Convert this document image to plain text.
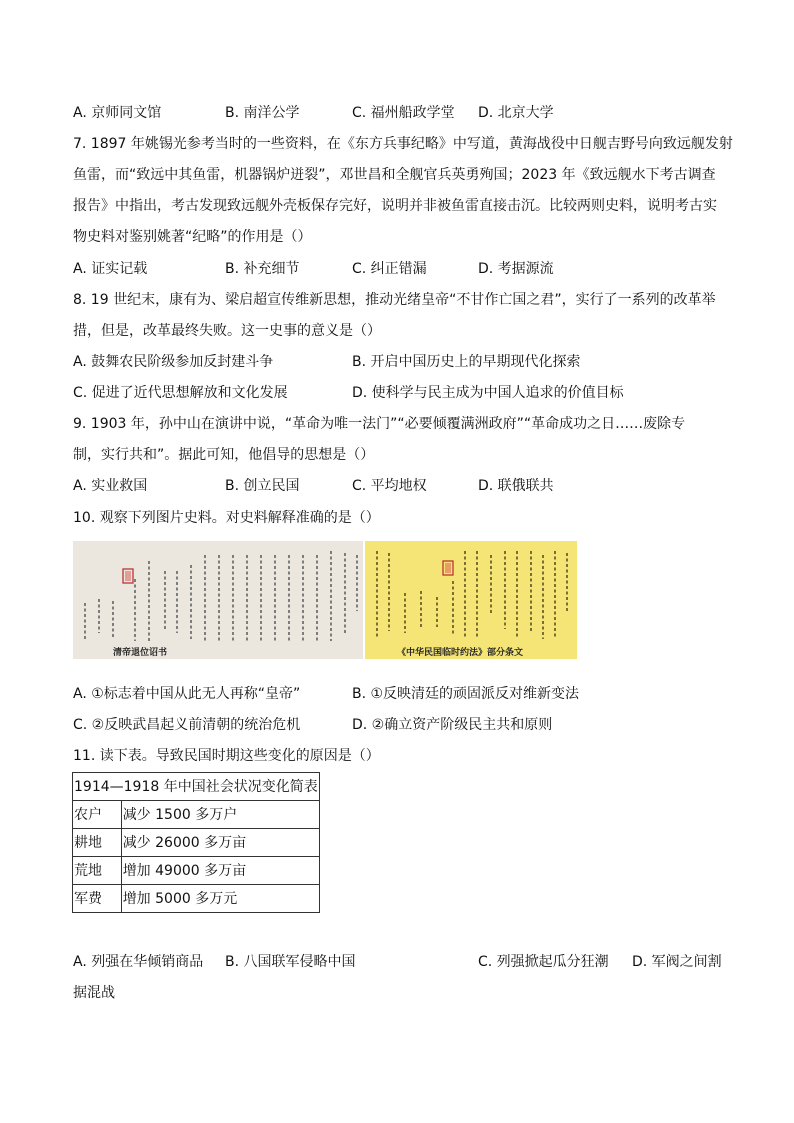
A. 京师同文馆	B. 南洋公学	C. 福州船政学堂 D. 北京大学
7. 1897 年姚锡光参考当时的一些资料，在《东方兵事纪略》中写道，黄海战役中日舰吉野号向致远舰发射
鱼雷，而“致远中其鱼雷，机器锅炉迸裂”，邓世昌和全舰官兵英勇殉国；2023 年《致远舰水下考古调查
报告》中指出，考古发现致远舰外壳板保存完好，说明并非被鱼雷直接击沉。比较两则史料，说明考古实
物史料对鉴别姚著“纪略”的作用是（）
A. 证实记载	B. 补充细节	C. 纠正错漏	D. 考据源流
8. 19 世纪末，康有为、梁启超宣传维新思想，推动光绪皇帝“不甘作亡国之君”，实行了一系列的改革举
措，但是，改革最终失败。这一史事的意义是（）
A. 鼓舞农民阶级参加反封建斗争	B. 开启中国历史上的早期现代化探索
C. 促进了近代思想解放和文化发展	D. 使科学与民主成为中国人追求的价值目标
9. 1903 年，孙中山在演讲中说，“革命为唯一法门”“必要倾覆满洲政府”“革命成功之日……废除专
制，实行共和”。据此可知，他倡导的思想是（）
A. 实业救国	B. 创立民国	C. 平均地权	D. 联俄联共
10. 观察下列图片史料。对史料解释准确的是（）
清帝退位诏书	《中华民国临时约法》部分条文
A. ①标志着中国从此无人再称“皇帝”	B. ①反映清廷的顽固派反对维新变法
C. ②反映武昌起义前清朝的统治危机	D. ②确立资产阶级民主共和原则
11. 读下表。导致民国时期这些变化的原因是（）
1914—1918 年中国社会状况变化简表	
农户	减少 1500 多万户
耕地	减少 26000 多万亩
荒地	增加 49000 多万亩
军费	增加 5000 多万元
A. 列强在华倾销商品 B. 八国联军侵略中国	C. 列强掀起瓜分狂潮 D. 军阀之间割
据混战
